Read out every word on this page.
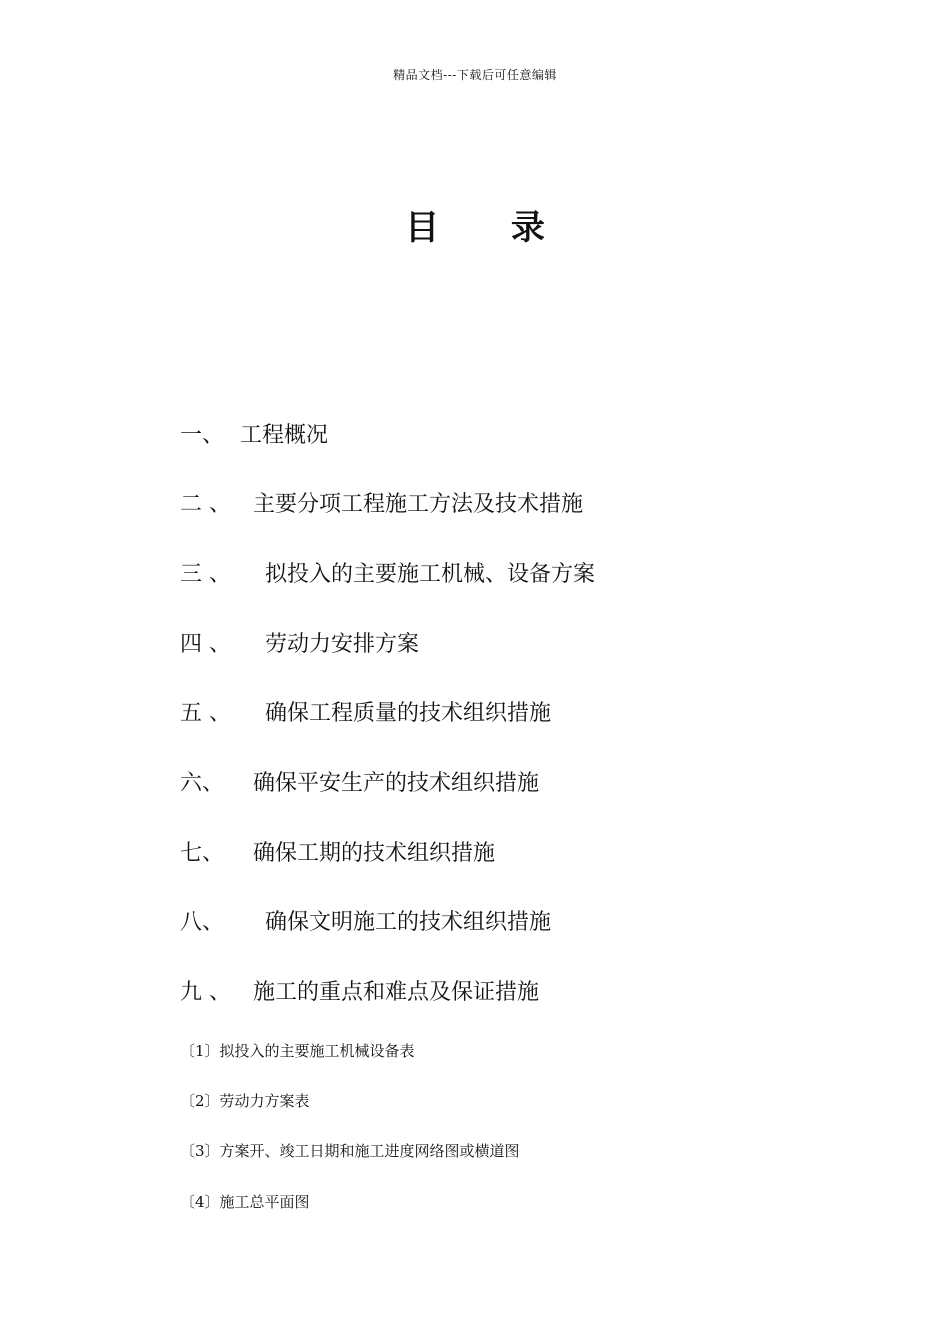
精品文档---下载后可任意编辑
目 录
一、 工程概况
二 、 主要分项工程施工方法及技术措施
三 、 拟投入的主要施工机械、设备方案
四 、 劳动力安排方案
五 、 确保工程质量的技术组织措施
六、 确保平安生产的技术组织措施
七、 确保工期的技术组织措施
八、 确保文明施工的技术组织措施
九 、 施工的重点和难点及保证措施
〔1〕拟投入的主要施工机械设备表
〔2〕劳动力方案表
〔3〕方案开、竣工日期和施工进度网络图或横道图
〔4〕施工总平面图
